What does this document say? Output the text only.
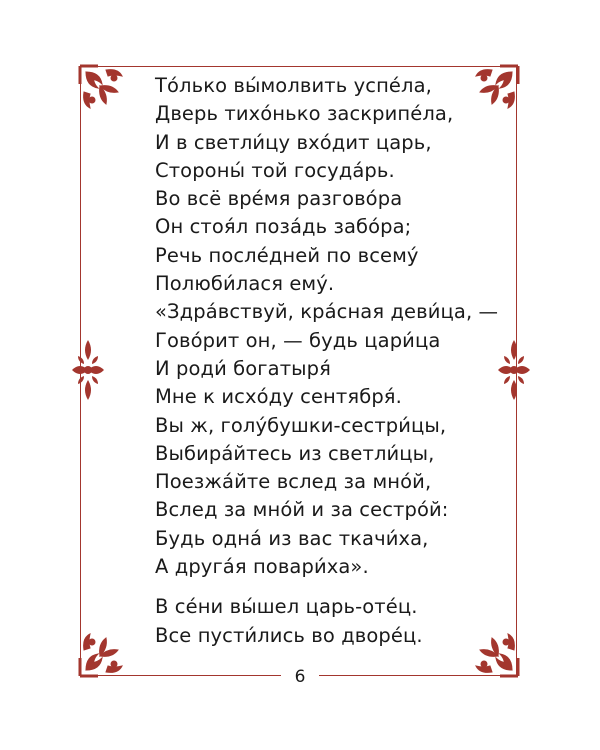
То́лько вы́молвить успе́ла,
Дверь тихо́нько заскрипе́ла,
И в светли́цу вхо́дит царь,
Стороны́ той госуда́рь.
Во всё вре́мя разгово́ра
Он стоя́л поза́дь забо́ра;
Речь после́дней по всему́
Полюби́лася ему́.
«Здра́вствуй, кра́сная деви́ца, —
Гово́рит он, — будь цари́ца
И роди́ богатыря́
Мне к исхо́ду сентября́.
Вы ж, голу́бушки-сестри́цы,
Выбира́йтесь из светли́цы,
Поезжа́йте вслед за мно́й,
Вслед за мно́й и за сестро́й:
Будь одна́ из вас ткачи́ха,
А друга́я повари́ха».
В се́ни вы́шел царь-оте́ц.
Все пусти́лись во дворе́ц.
6
